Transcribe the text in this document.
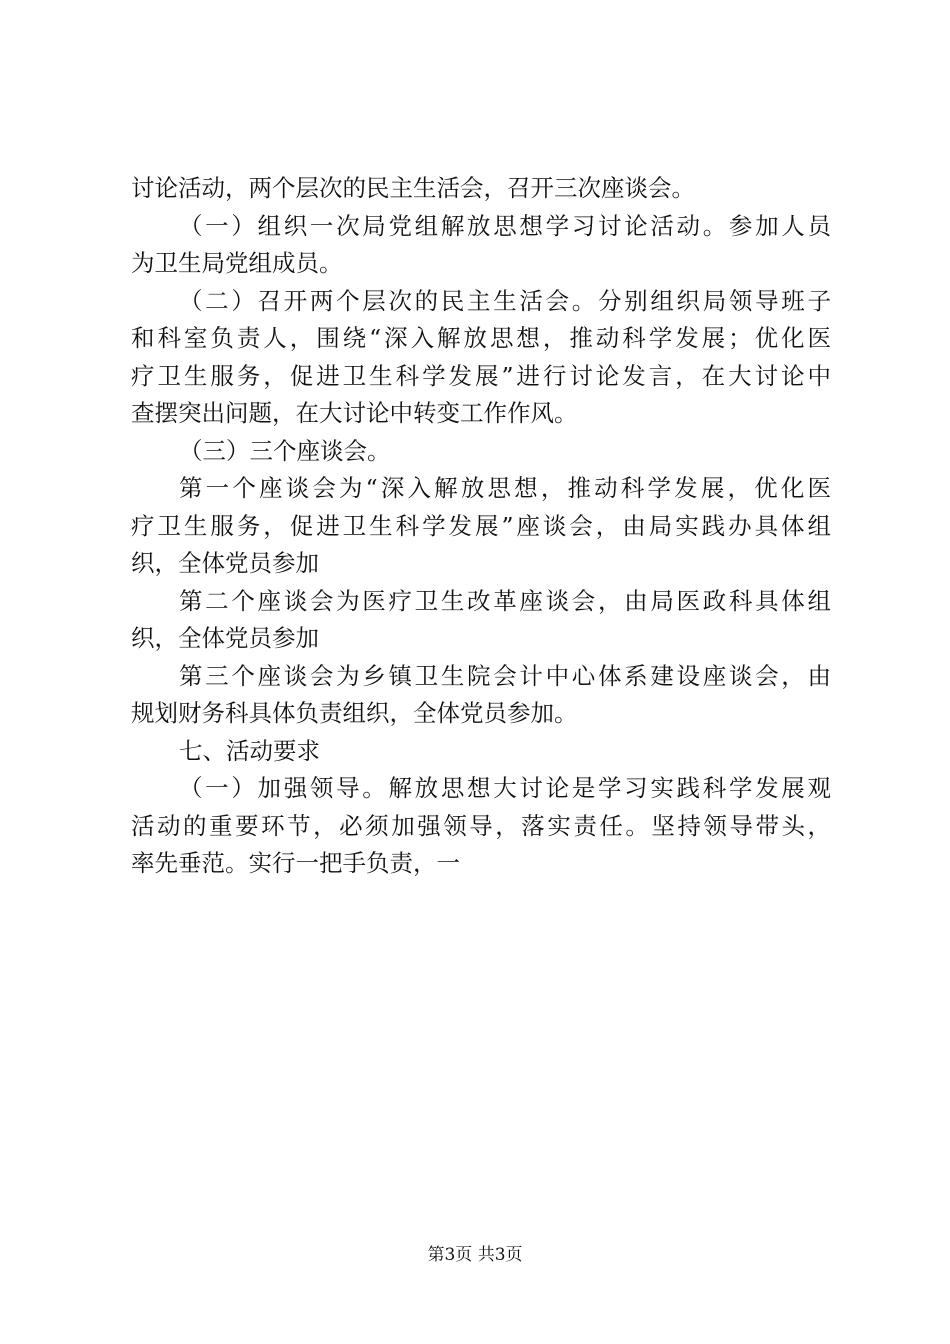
讨论活动，两个层次的民主生活会，召开三次座谈会。
（一）组织一次局党组解放思想学习讨论活动。参加人员
为卫生局党组成员。
（二）召开两个层次的民主生活会。分别组织局领导班子
和科室负责人，围绕“深入解放思想，推动科学发展；优化医
疗卫生服务，促进卫生科学发展”进行讨论发言，在大讨论中
查摆突出问题，在大讨论中转变工作作风。
（三）三个座谈会。
第一个座谈会为“深入解放思想，推动科学发展，优化医
疗卫生服务，促进卫生科学发展”座谈会，由局实践办具体组
织，全体党员参加
第二个座谈会为医疗卫生改革座谈会，由局医政科具体组
织，全体党员参加
第三个座谈会为乡镇卫生院会计中心体系建设座谈会，由
规划财务科具体负责组织，全体党员参加。
七、活动要求
（一）加强领导。解放思想大讨论是学习实践科学发展观
活动的重要环节，必须加强领导，落实责任。坚持领导带头，
率先垂范。实行一把手负责，一
第3页 共3页
